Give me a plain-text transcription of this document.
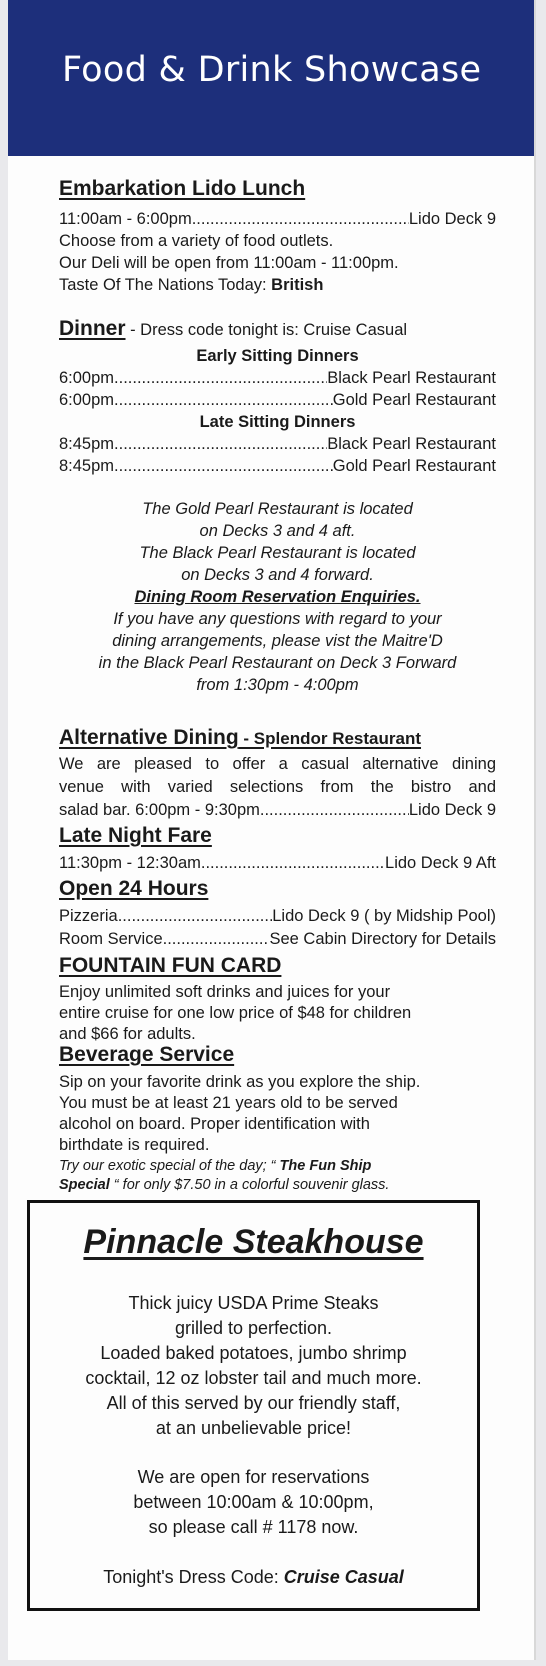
Food & Drink Showcase
Embarkation Lido Lunch
11:00am - 6:00pm .....	Lido Deck 9
Choose from a variety of food outlets.
Our Deli will be open from 11:00am - 11:00pm.
Taste Of The Nations Today: British
Dinner - Dress code tonight is: Cruise Casual
Early Sitting Dinners
6:00pm .....	Black Pearl Restaurant
6:00pm .....	Gold Pearl Restaurant
Late Sitting Dinners
8:45pm .....	Black Pearl Restaurant
8:45pm .....	Gold Pearl Restaurant
The Gold Pearl Restaurant is located
on Decks 3 and 4 aft.
The Black Pearl Restaurant is located
on Decks 3 and 4 forward.
Dining Room Reservation Enquiries.
If you have any questions with regard to your
dining arrangements, please vist the Maitre'D
in the Black Pearl Restaurant on Deck 3 Forward
from 1:30pm - 4:00pm
Alternative Dining - Splendor Restaurant
We are pleased to offer a casual alternative dining
venue with varied selections from the bistro and
salad bar. 6:00pm - 9:30pm .....	Lido Deck 9
Late Night Fare
11:30pm - 12:30am .....	Lido Deck 9 Aft
Open 24 Hours
Pizzeria .....	Lido Deck 9 ( by Midship Pool)
Room Service .....	See Cabin Directory for Details
FOUNTAIN FUN CARD
Enjoy unlimited soft drinks and juices for your
entire cruise for one low price of $48 for children
and $66 for adults.
Beverage Service
Sip on your favorite drink as you explore the ship.
You must be at least 21 years old to be served
alcohol on board. Proper identification with
birthdate is required.
Try our exotic special of the day; “ The Fun Ship
Special “ for only $7.50 in a colorful souvenir glass.
Pinnacle Steakhouse
Thick juicy USDA Prime Steaks
grilled to perfection.
Loaded baked potatoes, jumbo shrimp
cocktail, 12 oz lobster tail and much more.
All of this served by our friendly staff,
at an unbelievable price!
We are open for reservations
between 10:00am & 10:00pm,
so please call # 1178 now.
Tonight's Dress Code: Cruise Casual
